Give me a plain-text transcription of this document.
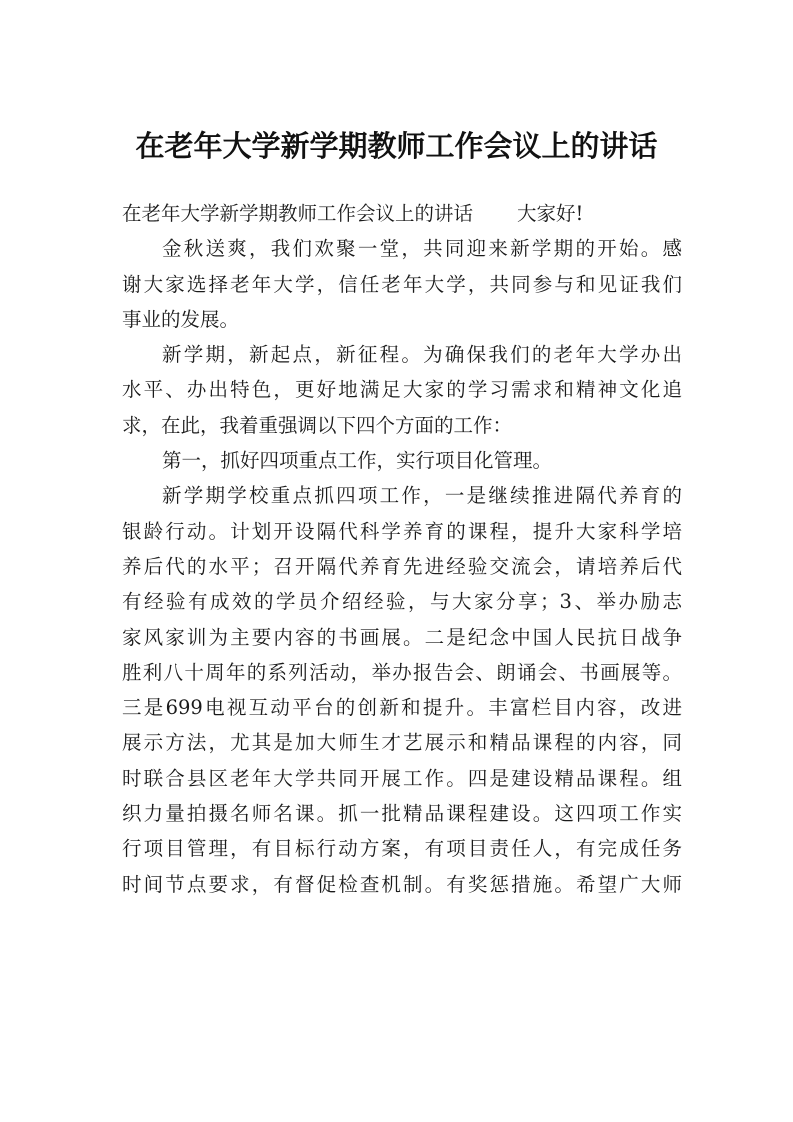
在老年大学新学期教师工作会议上的讲话
在老年大学新学期教师工作会议上的讲话 大家好!
金秋送爽，我们欢聚一堂，共同迎来新学期的开始。感
谢大家选择老年大学，信任老年大学，共同参与和见证我们
事业的发展。
新学期，新起点，新征程。为确保我们的老年大学办出
水平、办出特色，更好地满足大家的学习需求和精神文化追
求，在此，我着重强调以下四个方面的工作：
第一，抓好四项重点工作，实行项目化管理。
新学期学校重点抓四项工作，一是继续推进隔代养育的
银龄行动。计划开设隔代科学养育的课程，提升大家科学培
养后代的水平；召开隔代养育先进经验交流会，请培养后代
有经验有成效的学员介绍经验，与大家分享；3、举办励志
家风家训为主要内容的书画展。二是纪念中国人民抗日战争
胜利八十周年的系列活动，举办报告会、朗诵会、书画展等。
三是699电视互动平台的创新和提升。丰富栏目内容，改进
展示方法，尤其是加大师生才艺展示和精品课程的内容，同
时联合县区老年大学共同开展工作。四是建设精品课程。组
织力量拍摄名师名课。抓一批精品课程建设。这四项工作实
行项目管理，有目标行动方案，有项目责任人，有完成任务
时间节点要求，有督促检查机制。有奖惩措施。希望广大师
